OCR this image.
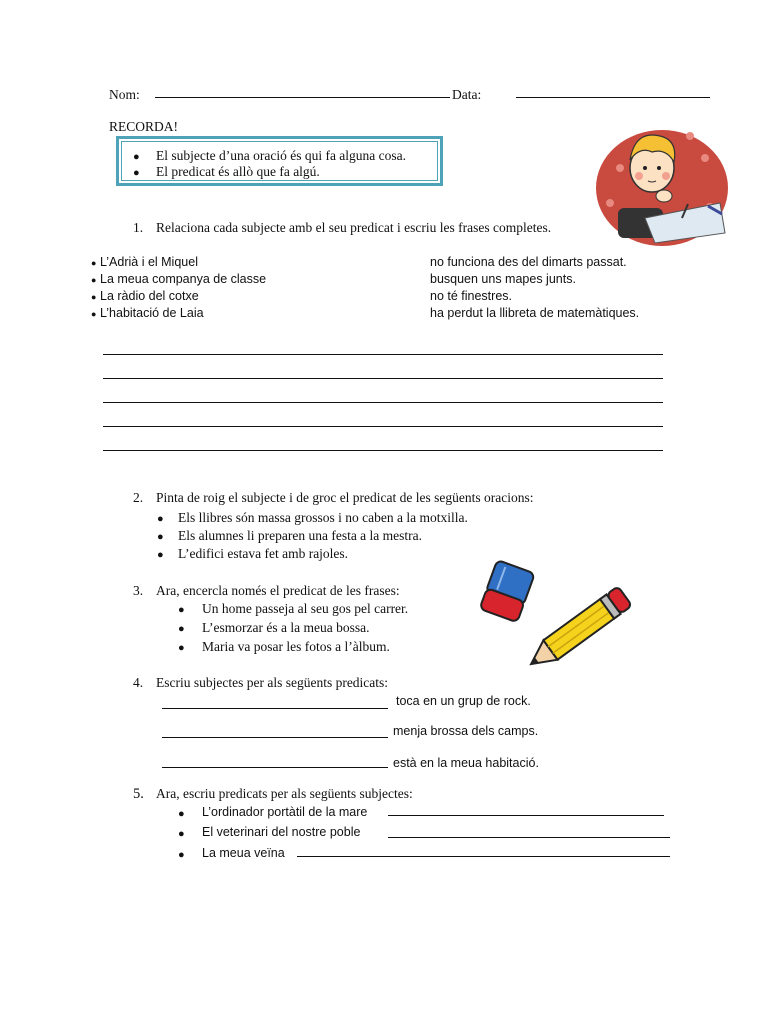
Nom:	Data:
RECORDA!
● El subjecte d’una oració és qui fa alguna cosa.
● El predicat és allò que fa algú.
1. Relaciona cada subjecte amb el seu predicat i escriu les frases completes.
● L’Adrià i el Miquel
● La meua companya de classe
● La ràdio del cotxe
● L’habitació de Laia
no funciona des del dimarts passat.
busquen uns mapes junts.
no té finestres.
ha perdut la llibreta de matemàtiques.
2. Pinta de roig el subjecte i de groc el predicat de les següents oracions:
● Els llibres són massa grossos i no caben a la motxilla.
● Els alumnes li preparen una festa a la mestra.
● L’edifici estava fet amb rajoles.
3. Ara, encercla només el predicat de les frases:
● Un home passeja al seu gos pel carrer.
● L’esmorzar és a la meua bossa.
● Maria va posar les fotos a l’àlbum.
4. Escriu subjectes per als següents predicats:
toca en un grup de rock.
menja brossa dels camps.
està en la meua habitació.
5. Ara, escriu predicats per als següents subjectes:
● L’ordinador portàtil de la mare
● El veterinari del nostre poble
● La meua veïna
